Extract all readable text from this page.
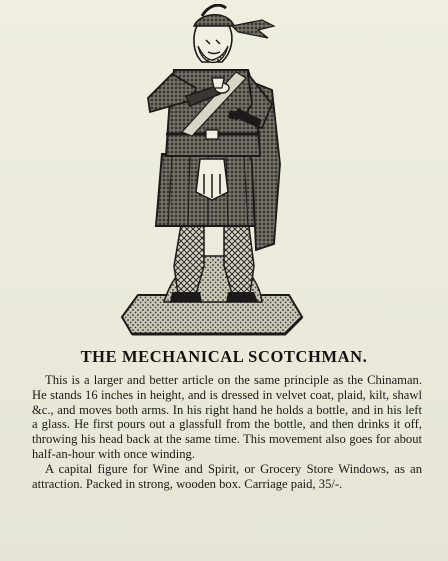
THE MECHANICAL SCOTCHMAN.

This is a larger and better article on the same principle as the Chinaman. He stands 16 inches in height, and is dressed in velvet coat, plaid, kilt, shawl &c., and moves both arms. In his right hand he holds a bottle, and in his left a glass. He first pours out a glassfull from the bottle, and then drinks it off, throwing his head back at the same time. This movement also goes for about half-an-hour with once winding.

A capital figure for Wine and Spirit, or Grocery Store Windows, as an attraction. Packed in strong, wooden box. Carriage paid, 35/-.
